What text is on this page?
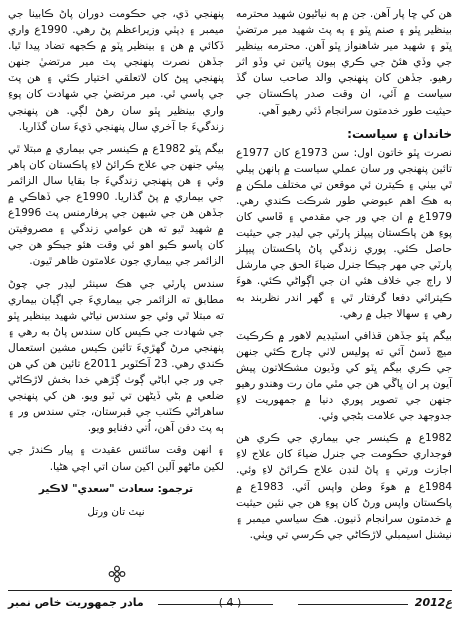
هن کي ڇا پار آهن. جن ۾ ٻه نياڻيون شهيد محترمه بينظير ڀٽو ۽ صنم ڀٽو ۽ ٻه پٽ شهيد مير مرتضيٰ ڀٽو ۽ شهيد مير شاهنواز ڀٽو آهن. محترمه بينظير جي وڏي هئڻ جي ڪري ٻيون ڀاتين تي وڏو اثر رهيو. جڏهن کان پنهنجي والد صاحب سان گڏ سياست ۾ آئي، ان وقت صدر پاڪستان جي حيثيت طور خدمتون سرانجام ڏئي رهيو آهي.

خاندان ۽ سياست:

نصرت ڀٽو خاتون اول: سن 1973ع کان 1977ع تائين پنهنجي ور سان عملي سياست ۾ ٻانهن ٻيلي ٿي بيٺي ۽ ڪيترن ئي موقعن تي مختلف ملڪن ۾ به هڪ اهم عيوضي طور شرڪت ڪندي رهي. 1979ع ۾ ان جي ور جي مقدمي ۽ ڦاسي کان پوءِ هن پاڪستان پيپلز پارٽي جي ليڊر جي حيثيت حاصل ڪئي. پوري زندگي پاڻ پاڪستان پيپلز پارٽي جي مهر ڄيڪا جنرل ضياءَ الحق جي مارشل لا راڄ جي خلاف هئي ان جي اڳواڻي ڪئي. هوءَ ڪيترائي دفعا گرفتار ٿي ۽ گهر اندر نظربند به رهي ۽ سهالا جيل ۾ رهي.

بيگم ڀٽو جڏهن قذافي اسٽيڊيم لاهور ۾ ڪرڪيٽ ميچ ڏسڻ آئي ته پوليس لاٺي چارج ڪئي جنهن جي ڪري بيگم ڀٽو کي وڏيون مشڪلاتون پيش آيون پر ان ڀاڱي هن جي مٿي مان رت وهندو رهيو جنهن جي تصوير پوري دنيا ۾ جمهوريت لاءِ جدوجهد جي علامت بڻجي وئي.

1982ع ۾ ڪينسر جي بيماري جي ڪري هن فوجداري حڪومت جي جنرل ضياءَ کان علاج لاءِ اجازت ورتي ۽ پاڻ لنڊن علاج ڪرائڻ لاءِ وئي. 1984ع ۾ هوءَ وطن واپس آئي. 1983ع ۾ پاڪستان واپس ورڻ کان پوءِ هن جي نئين حيثيت ۾ خدمتون سرانجام ڏنيون. هڪ سياسي ميمبر ۽ نيشنل اسيمبلي لاڙڪاڻي جي ڪرسي تي ويٺي.

پنهنجي ڌي، جي حڪومت دوران پاڻ ڪابينا جي ميمبر ۽ ڊپٽي وزيراعظم پڻ رهي. 1990ع واري ڏکائي ۾ هن ۽ بينظير ڀٽو ۾ ڪجهه تضاد پيدا ٿيا. جڏهن نصرت پنهنجي پٽ مير مرتضيٰ جنهن پنهنجي ڀيڻ کان لاتعلقي اختيار ڪئي ۽ هن پٽ جي پاسي ٿي. مير مرتضيٰ جي شهادت کان پوءِ واري بينظير ڀٽو سان رهڻ لڳي. هن پنهنجي زندگيءَ جا آخري سال پنهنجي ڌيءَ سان گڏاريا.

بيگم ڀٽو 1982ع ۾ ڪينسر جي بيماري ۾ مبتلا ٿي پيئي جنهن جي علاج ڪرائڻ لاءِ پاڪستان کان ٻاهر وئي ۽ هن پنهنجي زندگيءَ جا بقايا سال الزائمر جي بيماري ۾ پڻ گذاريا. 1990ع جي ڏهاڪي ۾ جڏهن هن جي شيهن جي پرفارمنس پٽ 1996ع ۾ شهيد ٿيو ته هن عوامي زندگي ۽ مصروفيتن کان پاسو ڪيو اهو ئي وقت هئو جيڪو هن جي الزائمر جي بيماري جون علامتون ظاهر ٿيون.

سندس پارٽي جي هڪ سينئر ليڊر جي چوڻ مطابق ته الزائمر جي بيماريءَ جي اڳيان بيماري ته مبتلا ٿي وئي جو سندس نياڻي شهيد بينظير ڀٽو جي شهادت جي ڪيس کان سندس پاڻ به رهي ۽ پنهنجي مرڻ گهڙيءَ تائين ڪيس مشين استعمال ڪندي رهي. 23 آڪٽوبر 2011ع تائين هن کي هن جي ور جي اباڻي ڳوٺ ڳڙهي خدا بخش لاڙڪاڻي ضلعي ۾ بڻي ڏيڻهن تي ٽيو ويو. هن کي پنهنجي ساهراڻي ڪٽنب جي قبرستان، جتي سندس ور ۽ ٻه پٽ دفن آهن، اُتي دفنايو ويو.

۽ انهن وقت سائنس عقيدت ۽ پيار ڪندڙ جي لکين ماڻهو آلين اکين سان اتي اچي هڻيا.

ترجمو: سعادت "سعدي" لاڪير

نيٽ تان ورتل

2012ع
( 4 )
مادر جمهوريت خاص نمبر
